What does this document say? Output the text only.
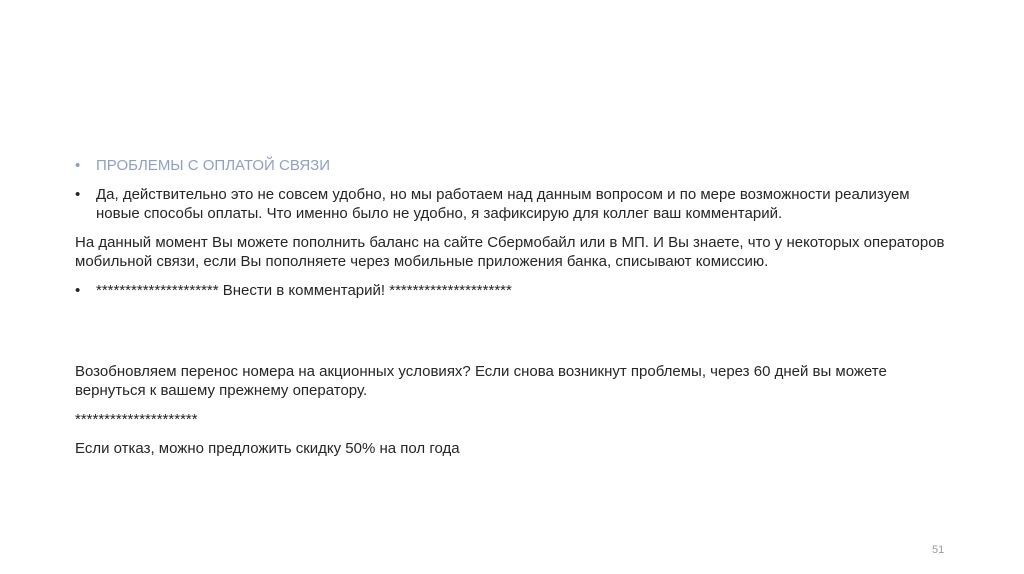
• ПРОБЛЕМЫ С ОПЛАТОЙ СВЯЗИ
• Да, действительно это не совсем удобно, но мы работаем над данным вопросом и по мере возможности реализуем новые способы оплаты. Что именно было не удобно, я зафиксирую для коллег ваш комментарий.
На данный момент Вы можете пополнить баланс на сайте Сбермобайл или в МП. И Вы знаете, что у некоторых операторов мобильной связи, если Вы пополняете через мобильные приложения банка, списывают комиссию.
• ********************* Внести в комментарий! *********************
Возобновляем перенос номера на акционных условиях? Если снова возникнут проблемы, через 60 дней вы можете вернуться к вашему прежнему оператору.
*********************
Если отказ, можно предложить скидку 50% на пол года
51
